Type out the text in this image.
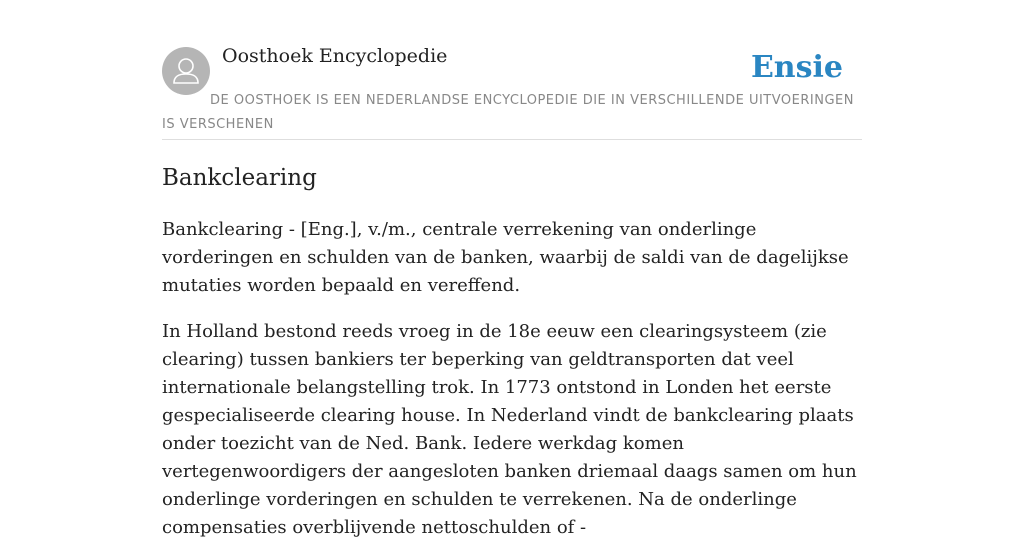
Oosthoek Encyclopedie	Ensie
DE OOSTHOEK IS EEN NEDERLANDSE ENCYCLOPEDIE DIE IN VERSCHILLENDE UITVOERINGEN IS VERSCHENEN
Bankclearing

Bankclearing - [Eng.], v./m., centrale verrekening van onderlinge vorderingen en schulden van de banken, waarbij de saldi van de dagelijkse mutaties worden bepaald en vereffend.

In Holland bestond reeds vroeg in de 18e eeuw een clearingsysteem (zie clearing) tussen bankiers ter beperking van geldtransporten dat veel internationale belangstelling trok. In 1773 ontstond in Londen het eerste gespecialiseerde clearing house. In Nederland vindt de bankclearing plaats onder toezicht van de Ned. Bank. Iedere werkdag komen vertegenwoordigers der aangesloten banken driemaal daags samen om hun onderlinge vorderingen en schulden te verrekenen. Na de onderlinge compensaties overblijvende nettoschulden of -
